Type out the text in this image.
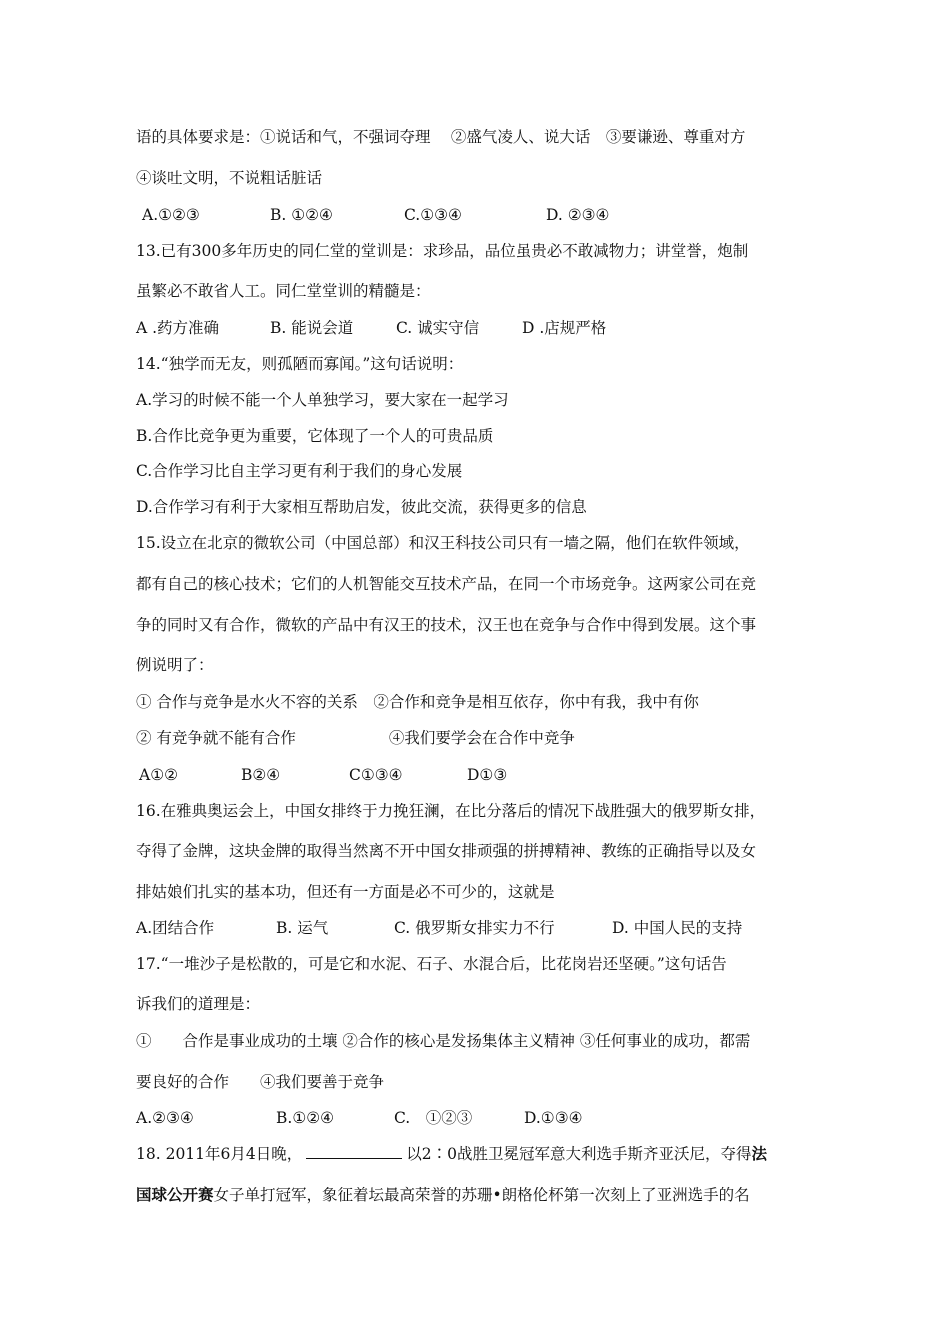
语的具体要求是：①说话和气，不强词夺理　 ②盛气凌人、说大话　③要谦逊、尊重对方
④谈吐文明，不说粗话脏话
A.①②③	B. ①②④	C.①③④	D. ②③④
13.已有300多年历史的同仁堂的堂训是：求珍品，品位虽贵必不敢减物力；讲堂誉，炮制
虽繁必不敢省人工。同仁堂堂训的精髓是：
A .药方准确	B. 能说会道	C. 诚实守信	D .店规严格
14.“独学而无友，则孤陋而寡闻。”这句话说明：
A.学习的时候不能一个人单独学习，要大家在一起学习
B.合作比竞争更为重要，它体现了一个人的可贵品质
C.合作学习比自主学习更有利于我们的身心发展
D.合作学习有利于大家相互帮助启发，彼此交流，获得更多的信息
15.设立在北京的微软公司（中国总部）和汉王科技公司只有一墙之隔，他们在软件领域，
都有自己的核心技术；它们的人机智能交互技术产品，在同一个市场竞争。这两家公司在竞
争的同时又有合作，微软的产品中有汉王的技术，汉王也在竞争与合作中得到发展。这个事
例说明了：
① 合作与竞争是水火不容的关系　②合作和竞争是相互依存，你中有我，我中有你
② 有竞争就不能有合作　　　　　　④我们要学会在合作中竞争
A①②	B②④	C①③④	D①③
16.在雅典奥运会上，中国女排终于力挽狂澜，在比分落后的情况下战胜强大的俄罗斯女排，
夺得了金牌，这块金牌的取得当然离不开中国女排顽强的拼搏精神、教练的正确指导以及女
排姑娘们扎实的基本功，但还有一方面是必不可少的，这就是
A.团结合作	B. 运气	C. 俄罗斯女排实力不行	D. 中国人民的支持
17.“一堆沙子是松散的，可是它和水泥、石子、水混合后，比花岗岩还坚硬。”这句话告
诉我们的道理是：
①　　合作是事业成功的土壤 ②合作的核心是发扬集体主义精神 ③任何事业的成功，都需
要良好的合作　　④我们要善于竞争
A.②③④	B.①②④	C.　①②③	D.①③④
18. 2011年6月4日晚，	以2∶0战胜卫冕冠军意大利选手斯齐亚沃尼，夺得法
国球公开赛女子单打冠军，象征着坛最高荣誉的苏珊•朗格伦杯第一次刻上了亚洲选手的名
